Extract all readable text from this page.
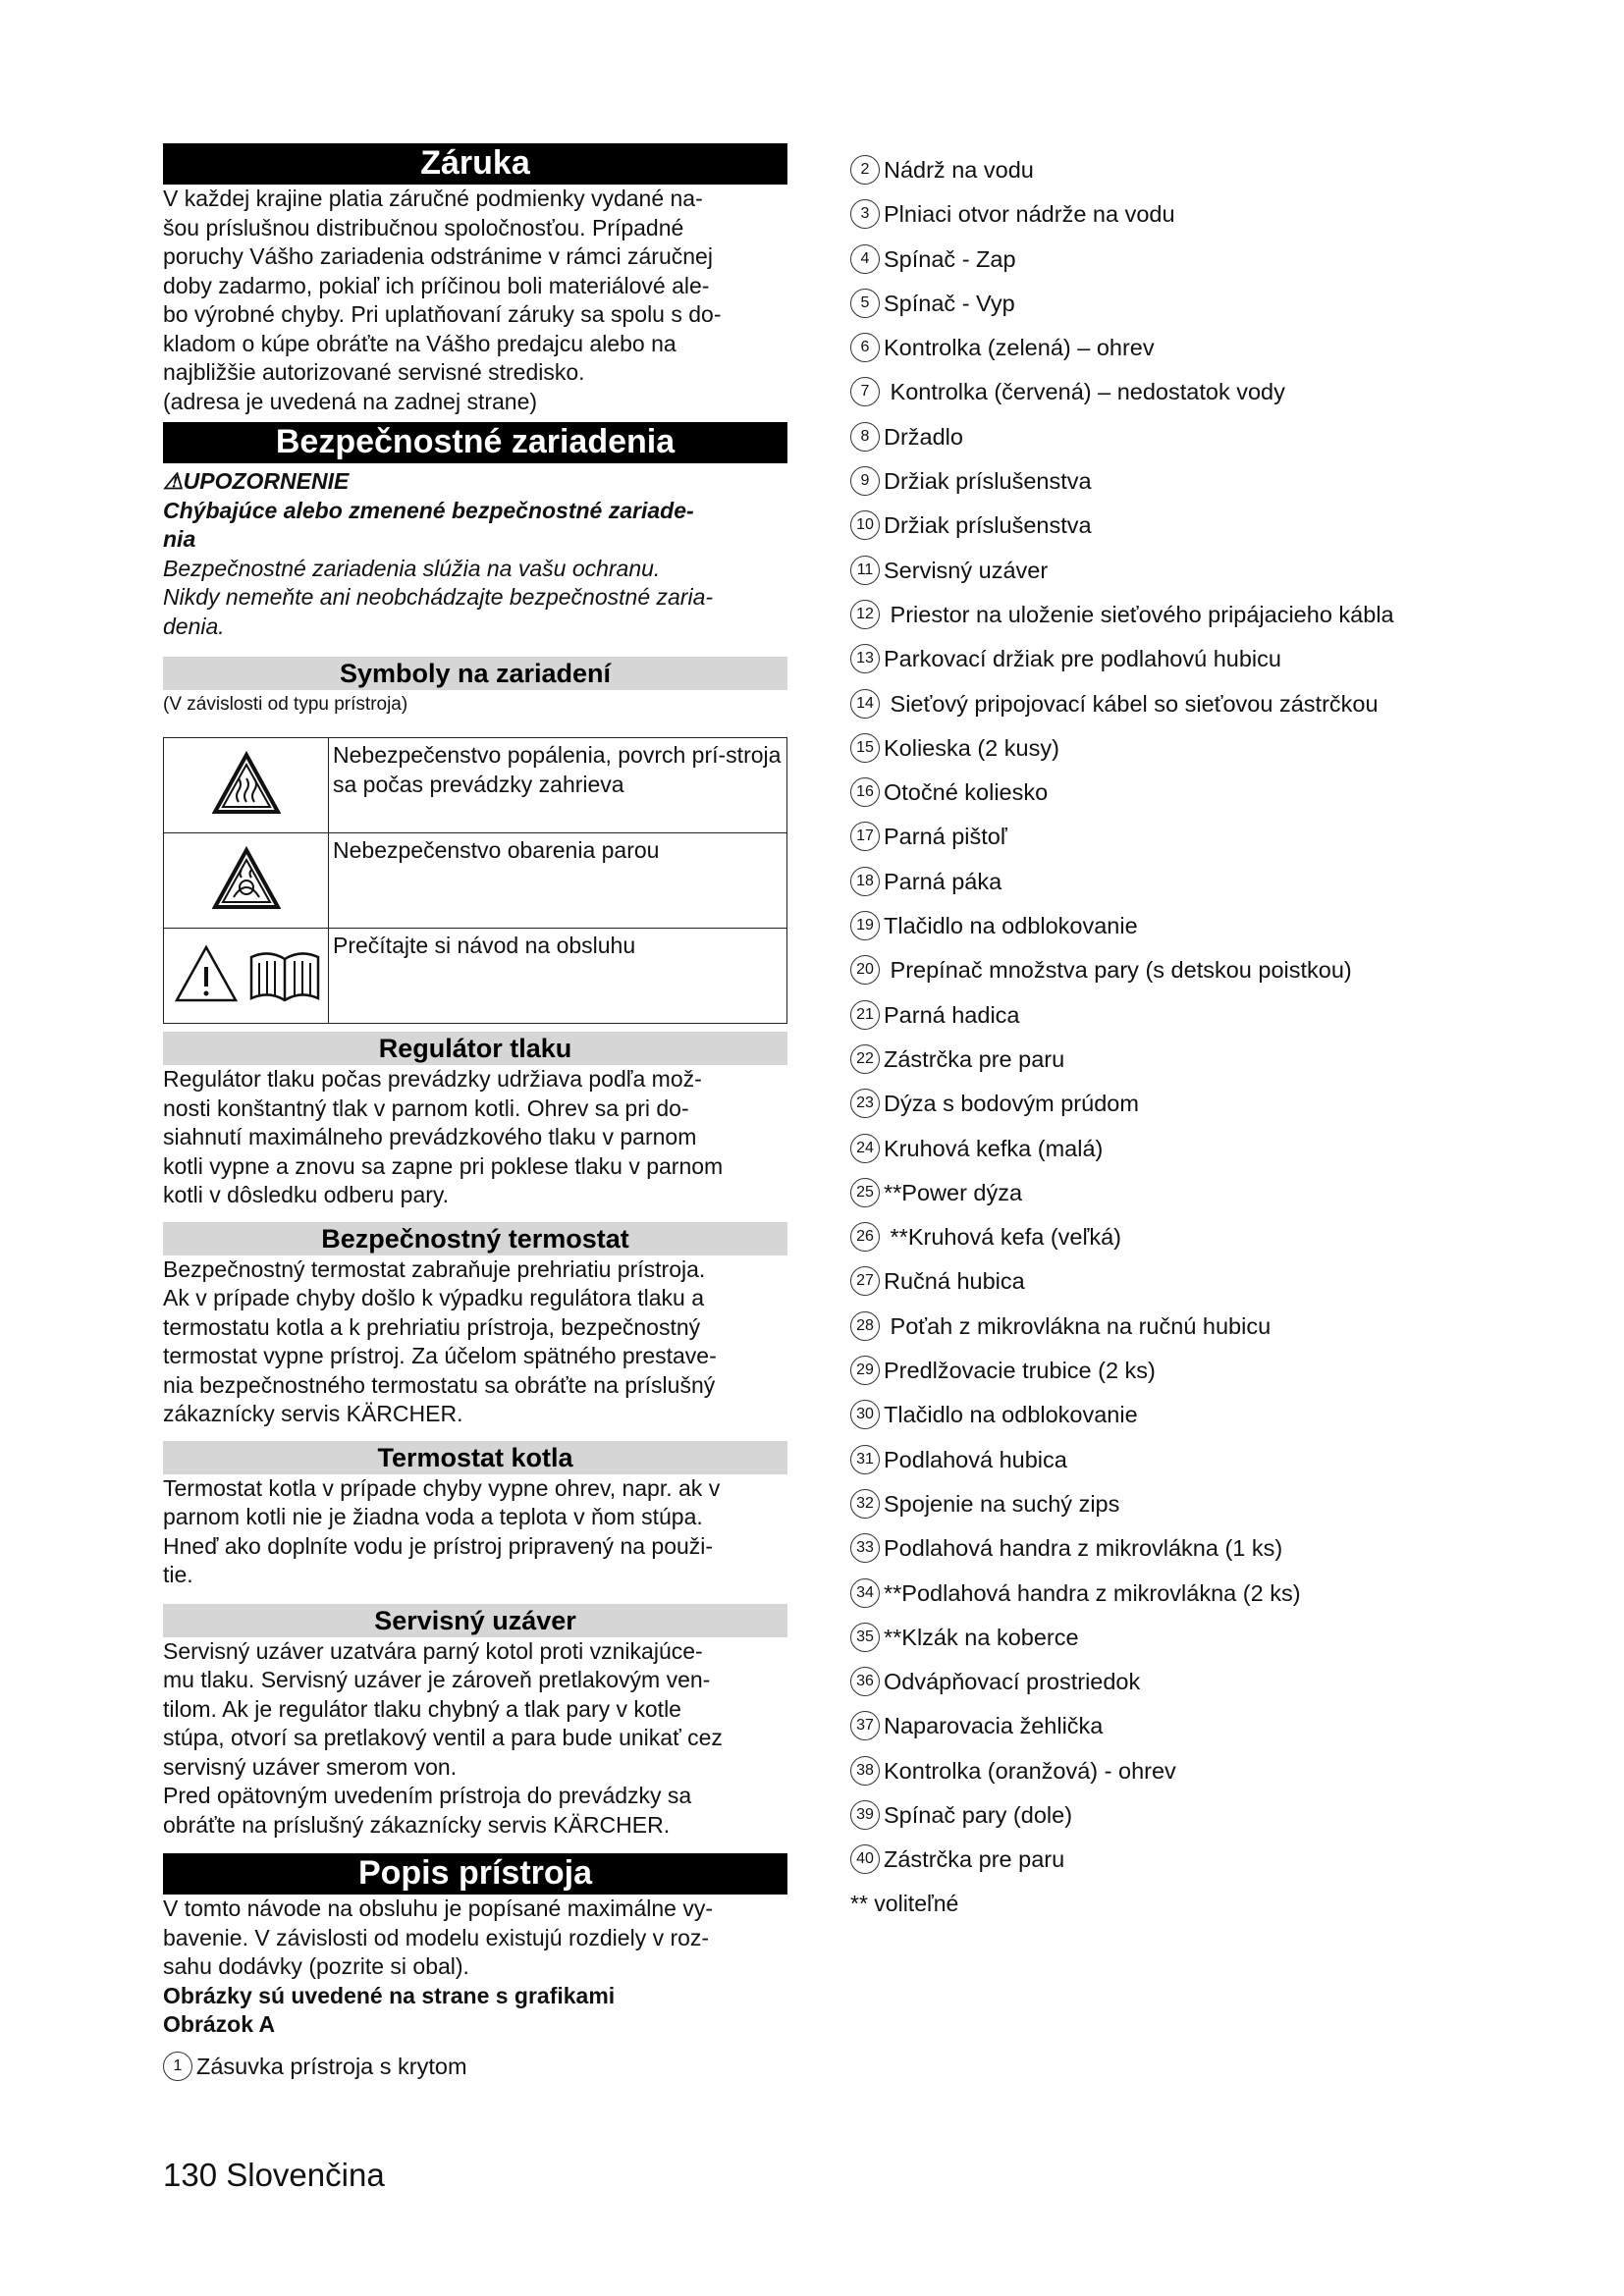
Záruka

V každej krajine platia záručné podmienky vydané na-

šou príslušnou distribučnou spoločnosťou. Prípadné

poruchy Vášho zariadenia odstránime v rámci záručnej

doby zadarmo, pokiaľ ich príčinou boli materiálové ale-

bo výrobné chyby. Pri uplatňovaní záruky sa spolu s do-

kladom o kúpe obráťte na Vášho predajcu alebo na

najbližšie autorizované servisné stredisko.

(adresa je uvedená na zadnej strane)

Bezpečnostné zariadenia

⚠UPOZORNENIE

Chýbajúce alebo zmenené bezpečnostné zariade-

nia

Bezpečnostné zariadenia slúžia na vašu ochranu.

Nikdy nemeňte ani neobchádzajte bezpečnostné zaria-

denia.

Symboly na zariadení

(V závislosti od typu prístroja)

	Nebezpečenstvo popálenia, povrch prí-stroja sa počas prevádzky zahrieva
	Nebezpečenstvo obarenia parou
	Prečítajte si návod na obsluhu
Regulátor tlaku

Regulátor tlaku počas prevádzky udržiava podľa mož-

nosti konštantný tlak v parnom kotli. Ohrev sa pri do-

siahnutí maximálneho prevádzkového tlaku v parnom

kotli vypne a znovu sa zapne pri poklese tlaku v parnom

kotli v dôsledku odberu pary.

Bezpečnostný termostat

Bezpečnostný termostat zabraňuje prehriatiu prístroja.

Ak v prípade chyby došlo k výpadku regulátora tlaku a

termostatu kotla a k prehriatiu prístroja, bezpečnostný

termostat vypne prístroj. Za účelom spätného prestave-

nia bezpečnostného termostatu sa obráťte na príslušný

zákaznícky servis KÄRCHER.

Termostat kotla

Termostat kotla v prípade chyby vypne ohrev, napr. ak v

parnom kotli nie je žiadna voda a teplota v ňom stúpa.

Hneď ako doplníte vodu je prístroj pripravený na použi-

tie.

Servisný uzáver

Servisný uzáver uzatvára parný kotol proti vznikajúce-

mu tlaku. Servisný uzáver je zároveň pretlakovým ven-

tilom. Ak je regulátor tlaku chybný a tlak pary v kotle

stúpa, otvorí sa pretlakový ventil a para bude unikať cez

servisný uzáver smerom von.

Pred opätovným uvedením prístroja do prevádzky sa

obráťte na príslušný zákaznícky servis KÄRCHER.

Popis prístroja

V tomto návode na obsluhu je popísané maximálne vy-

bavenie. V závislosti od modelu existujú rozdiely v roz-

sahu dodávky (pozrite si obal).

Obrázky sú uvedené na strane s grafikami

Obrázok A

1 Zásuvka prístroja s krytom
2 Nádrž na vodu
3 Plniaci otvor nádrže na vodu
4 Spínač - Zap
5 Spínač - Vyp
6 Kontrolka (zelená) – ohrev
7 Kontrolka (červená) – nedostatok vody
8 Držadlo
9 Držiak príslušenstva
10 Držiak príslušenstva
11 Servisný uzáver
12 Priestor na uloženie sieťového pripájacieho kábla
13 Parkovací držiak pre podlahovú hubicu
14 Sieťový pripojovací kábel so sieťovou zástrčkou
15 Kolieska (2 kusy)
16 Otočné koliesko
17 Parná pištoľ
18 Parná páka
19 Tlačidlo na odblokovanie
20 Prepínač množstva pary (s detskou poistkou)
21 Parná hadica
22 Zástrčka pre paru
23 Dýza s bodovým prúdom
24 Kruhová kefka (malá)
25 **Power dýza
26 **Kruhová kefa (veľká)
27 Ručná hubica
28 Poťah z mikrovlákna na ručnú hubicu
29 Predlžovacie trubice (2 ks)
30 Tlačidlo na odblokovanie
31 Podlahová hubica
32 Spojenie na suchý zips
33 Podlahová handra z mikrovlákna (1 ks)
34 **Podlahová handra z mikrovlákna (2 ks)
35 **Klzák na koberce
36 Odvápňovací prostriedok
37 Naparovacia žehlička
38 Kontrolka (oranžová) - ohrev
39 Spínač pary (dole)
40 Zástrčka pre paru

** voliteľné

130 Slovenčina
